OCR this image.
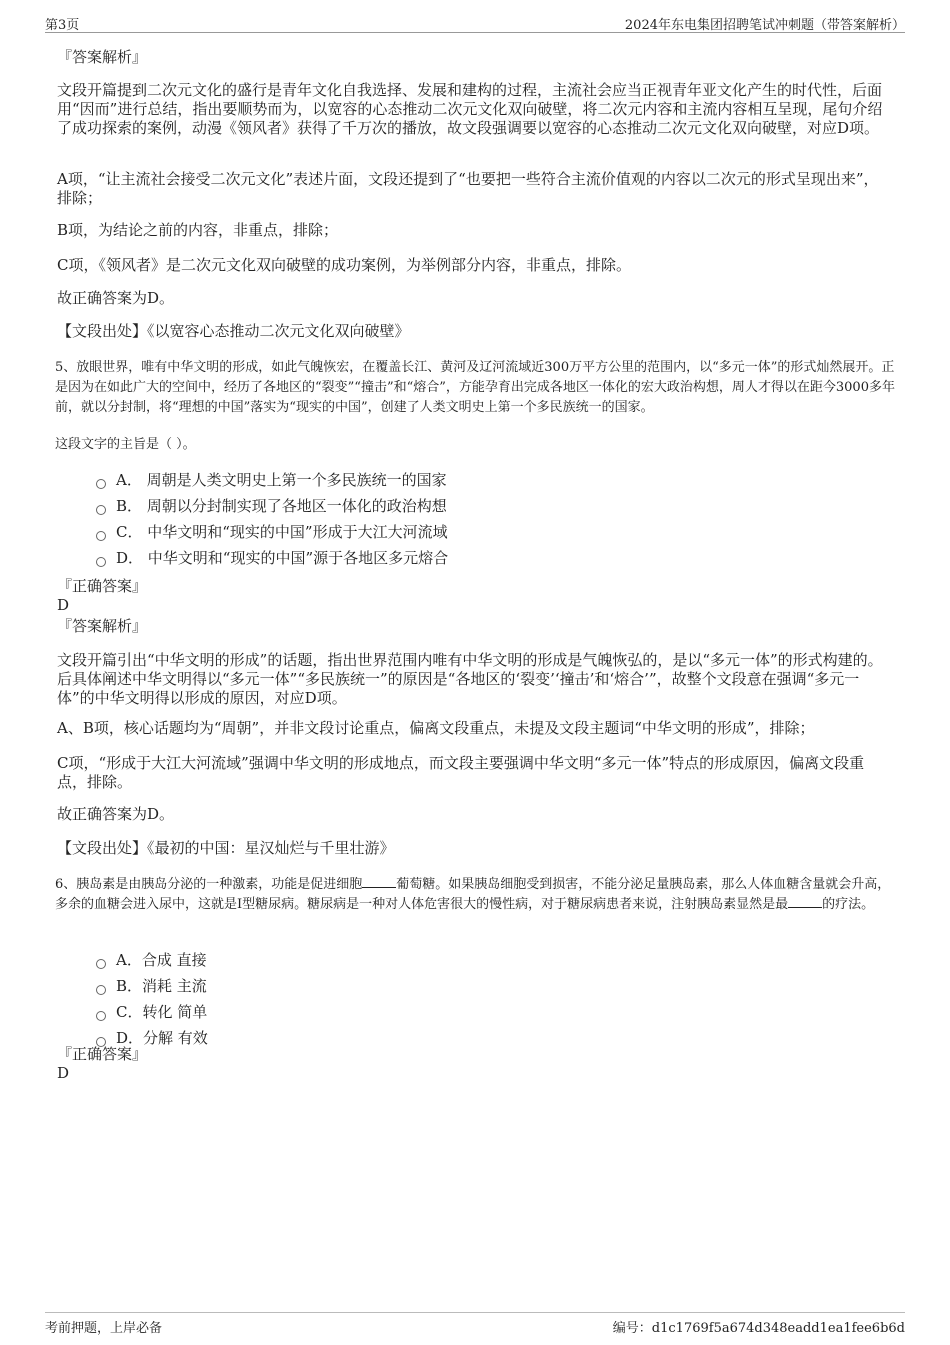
第3页	2024年东电集团招聘笔试冲刺题（带答案解析）
『答案解析』
文段开篇提到二次元文化的盛行是青年文化自我选择、发展和建构的过程，主流社会应当正视青年亚文化产生的时代性，后面用“因而”进行总结，指出要顺势而为，以宽容的心态推动二次元文化双向破壁，将二次元内容和主流内容相互呈现，尾句介绍了成功探索的案例，动漫《领风者》获得了千万次的播放，故文段强调要以宽容的心态推动二次元文化双向破壁，对应D项。
A项，“让主流社会接受二次元文化”表述片面，文段还提到了“也要把一些符合主流价值观的内容以二次元的形式呈现出来”，排除；
B项，为结论之前的内容，非重点，排除；
C项，《领风者》是二次元文化双向破壁的成功案例，为举例部分内容，非重点，排除。
故正确答案为D。
【文段出处】《以宽容心态推动二次元文化双向破壁》
5、放眼世界，唯有中华文明的形成，如此气魄恢宏，在覆盖长江、黄河及辽河流域近300万平方公里的范围内，以“多元一体”的形式灿然展开。正是因为在如此广大的空间中，经历了各地区的“裂变”“撞击”和“熔合”，方能孕育出完成各地区一体化的宏大政治构想，周人才得以在距今3000多年前，就以分封制，将“理想的中国”落实为“现实的中国”，创建了人类文明史上第一个多民族统一的国家。
这段文字的主旨是（ ）。
A． 周朝是人类文明史上第一个多民族统一的国家
B． 周朝以分封制实现了各地区一体化的政治构想
C． 中华文明和“现实的中国”形成于大江大河流域
D． 中华文明和“现实的中国”源于各地区多元熔合
『正确答案』
D
『答案解析』
文段开篇引出“中华文明的形成”的话题，指出世界范围内唯有中华文明的形成是气魄恢弘的，是以“多元一体”的形式构建的。后具体阐述中华文明得以“多元一体”“多民族统一”的原因是“各地区的‘裂变’‘撞击’和‘熔合’”，故整个文段意在强调“多元一体”的中华文明得以形成的原因，对应D项。
A、B项，核心话题均为“周朝”，并非文段讨论重点，偏离文段重点，未提及文段主题词“中华文明的形成”，排除；
C项，“形成于大江大河流域”强调中华文明的形成地点，而文段主要强调中华文明“多元一体”特点的形成原因，偏离文段重点，排除。
故正确答案为D。
【文段出处】《最初的中国：星汉灿烂与千里壮游》
6、胰岛素是由胰岛分泌的一种激素，功能是促进细胞	葡萄糖。如果胰岛细胞受到损害，不能分泌足量胰岛素，那么人体血糖含量就会升高，多余的血糖会进入尿中，这就是Ⅰ型糖尿病。糖尿病是一种对人体危害很大的慢性病，对于糖尿病患者来说，注射胰岛素显然是最	的疗法。
A．合成 直接
B．消耗 主流
C．转化 简单
D．分解 有效
『正确答案』
D
考前押题，上岸必备	编号：d1c1769f5a674d348eadd1ea1fee6b6d
